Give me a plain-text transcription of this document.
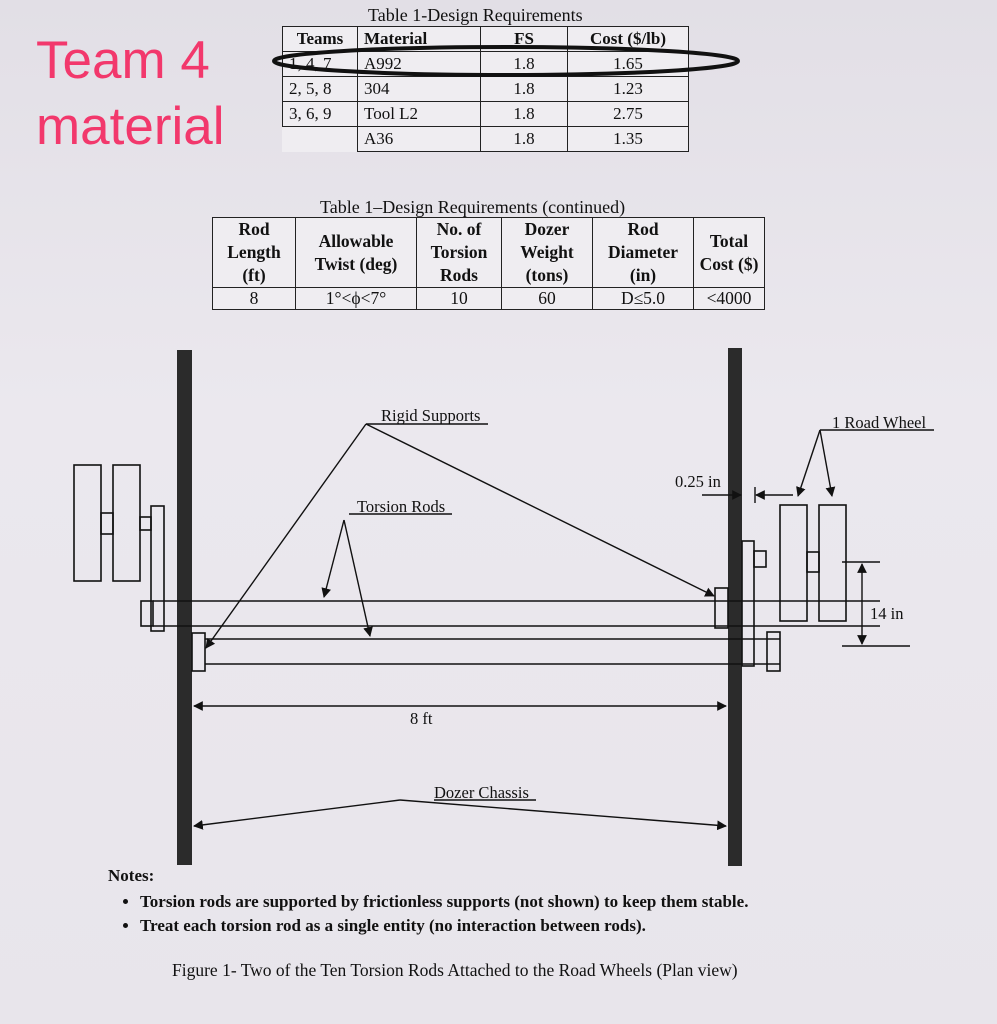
Team 4
material
Table 1-Design Requirements
Teams	Material	FS	Cost ($/lb)
1, 4, 7	A992	1.8	1.65
2, 5, 8	304	1.8	1.23
3, 6, 9	Tool L2	1.8	2.75
	A36	1.8	1.35
Table 1–Design Requirements (continued)
Rod Length (ft)	Allowable Twist (deg)	No. of Torsion Rods	Dozer Weight (tons)	Rod Diameter (in)	Total Cost ($)
8	1°<ϕ<7°	10	60	D≤5.0	<4000
Rigid Supports	1 Road Wheel
0.25 in
Torsion Rods
14 in
8 ft
Dozer Chassis
Notes:
• Torsion rods are supported by frictionless supports (not shown) to keep them stable.
• Treat each torsion rod as a single entity (no interaction between rods).
Figure 1- Two of the Ten Torsion Rods Attached to the Road Wheels (Plan view)
